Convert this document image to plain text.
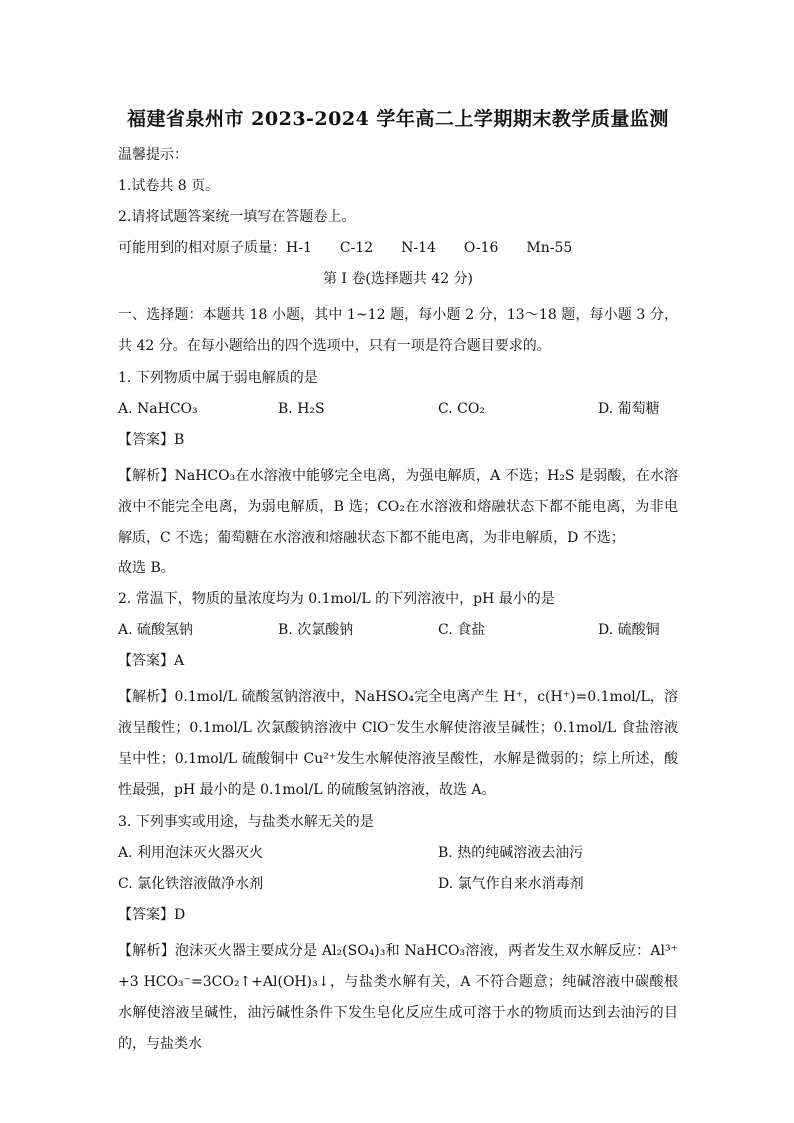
福建省泉州市 2023-2024 学年高二上学期期末教学质量监测
温馨提示：
1.试卷共 8 页。
2.请将试题答案统一填写在答题卷上。
可能用到的相对原子质量：H-1　　C-12　　N-14　　O-16　　Mn-55
第 I 卷(选择题共 42 分)
一、选择题：本题共 18 小题，其中 1~12 题，每小题 2 分，13～18 题，每小题 3 分，共 42 分。在每小题给出的四个选项中，只有一项是符合题目要求的。
1. 下列物质中属于弱电解质的是
A. NaHCO₃	B. H₂S	C. CO₂	D. 葡萄糖
【答案】B
【解析】NaHCO₃在水溶液中能够完全电离，为强电解质，A 不选；H₂S 是弱酸，在水溶液中不能完全电离，为弱电解质，B 选；CO₂在水溶液和熔融状态下都不能电离，为非电解质，C 不选；葡萄糖在水溶液和熔融状态下都不能电离，为非电解质，D 不选；
故选 B。
2. 常温下，物质的量浓度均为 0.1mol/L 的下列溶液中，pH 最小的是
A. 硫酸氢钠	B. 次氯酸钠	C. 食盐	D. 硫酸铜
【答案】A
【解析】0.1mol/L 硫酸氢钠溶液中，NaHSO₄完全电离产生 H⁺，c(H⁺)=0.1mol/L，溶液呈酸性；0.1mol/L 次氯酸钠溶液中 ClO⁻发生水解使溶液呈碱性；0.1mol/L 食盐溶液呈中性；0.1mol/L 硫酸铜中 Cu²⁺发生水解使溶液呈酸性，水解是微弱的；综上所述，酸性最强，pH 最小的是 0.1mol/L 的硫酸氢钠溶液，故选 A。
3. 下列事实或用途，与盐类水解无关的是
A. 利用泡沫灭火器灭火	B. 热的纯碱溶液去油污
C. 氯化铁溶液做净水剂	D. 氯气作自来水消毒剂
【答案】D
【解析】泡沫灭火器主要成分是 Al₂(SO₄)₃和 NaHCO₃溶液，两者发生双水解反应：Al³⁺ +3 HCO₃⁻=3CO₂↑+Al(OH)₃↓，与盐类水解有关，A 不符合题意；纯碱溶液中碳酸根水解使溶液呈碱性，油污碱性条件下发生皂化反应生成可溶于水的物质而达到去油污的目的，与盐类水
